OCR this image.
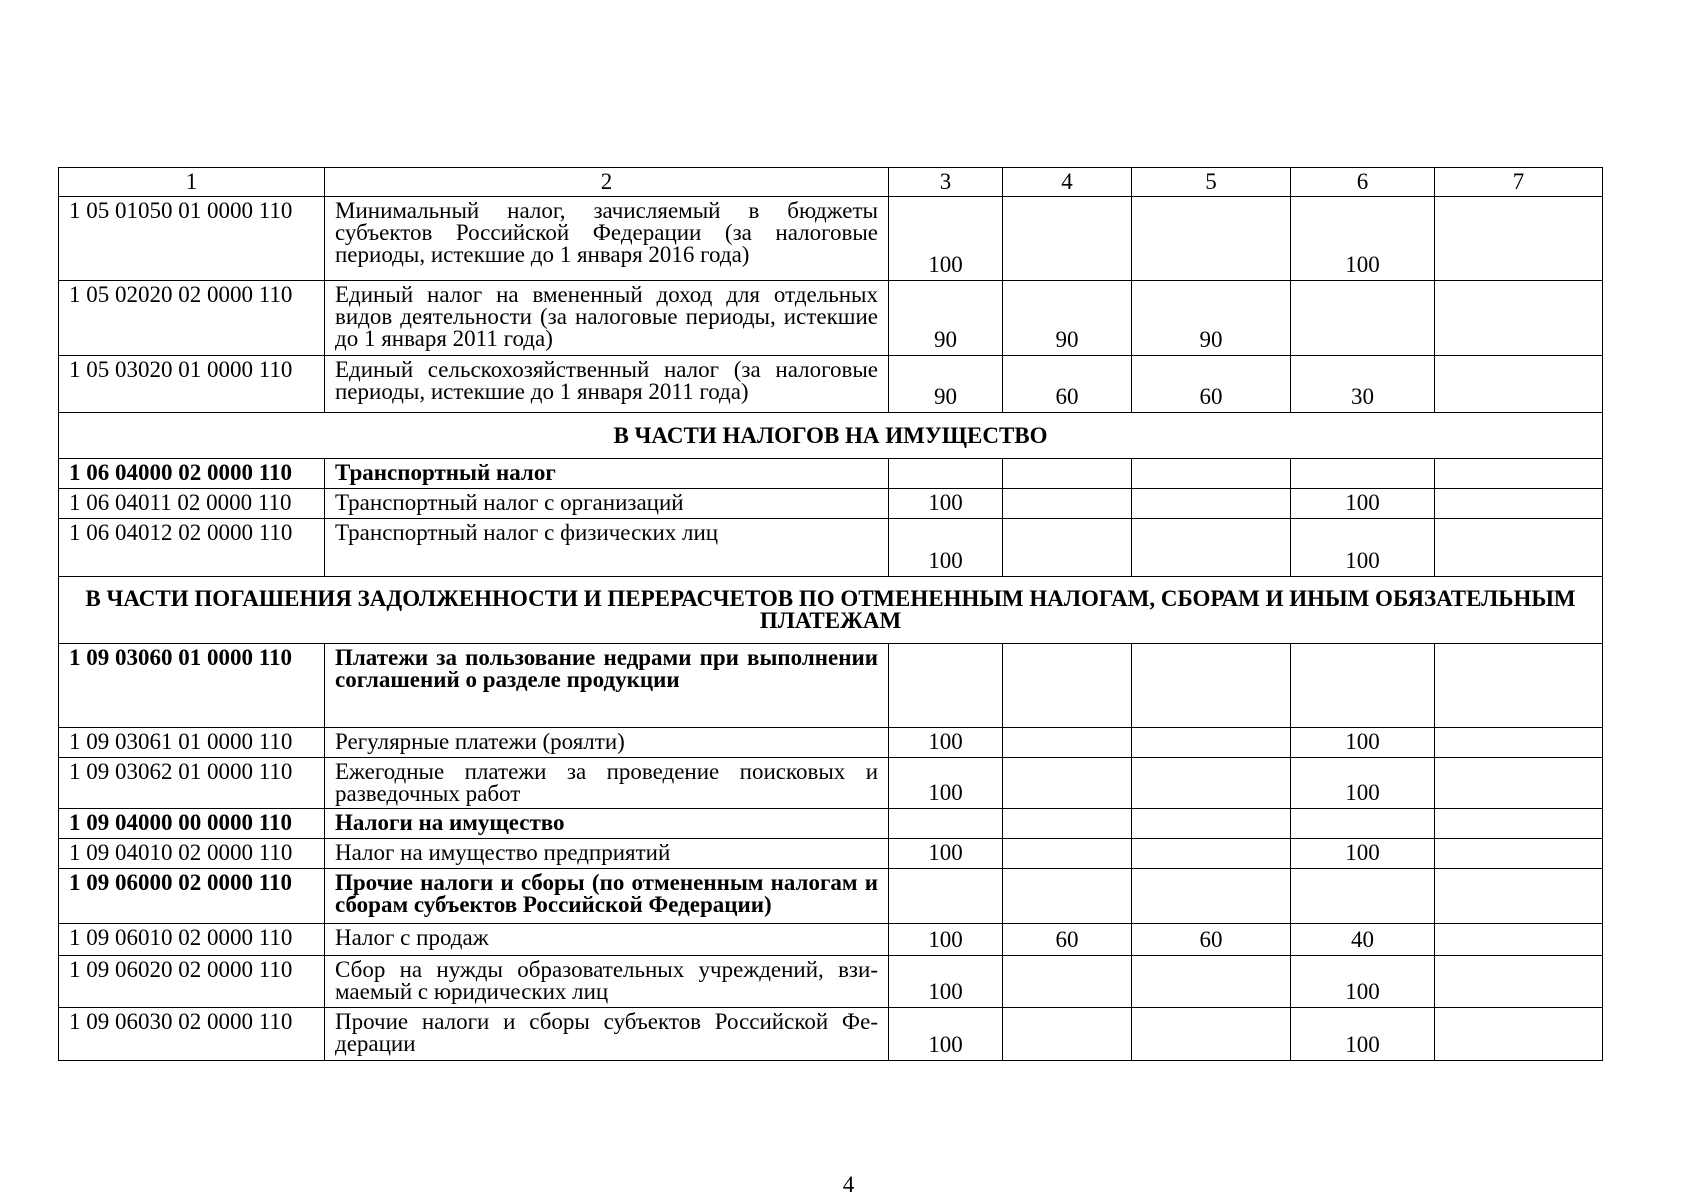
1	2	3	4	5	6	7
1 05 01050 01 0000 110	Минимальный налог, зачисляемый в бюджеты субъектов Российской Федерации (за налоговые периоды, истекшие до 1 января 2016 года)	100			100	
1 05 02020 02 0000 110	Единый налог на вмененный доход для отдельных видов деятельности (за налоговые периоды, истекшие до 1 января 2011 года)	90	90	90		
1 05 03020 01 0000 110	Единый сельскохозяйственный налог (за налоговые периоды, истекшие до 1 января 2011 года)	90	60	60	30	
В ЧАСТИ НАЛОГОВ НА ИМУЩЕСТВО						
1 06 04000 02 0000 110	Транспортный налог					
1 06 04011 02 0000 110	Транспортный налог с организаций	100			100	
1 06 04012 02 0000 110	Транспортный налог с физических лиц	100			100	
В ЧАСТИ ПОГАШЕНИЯ ЗАДОЛЖЕННОСТИ И ПЕРЕРАСЧЕТОВ ПО ОТМЕНЕННЫМ НАЛОГАМ, СБОРАМ И ИНЫМ ОБЯЗАТЕЛЬНЫМ ПЛАТЕЖАМ						
1 09 03060 01 0000 110	Платежи за пользование недрами при выполнении соглашений о разделе продукции					
1 09 03061 01 0000 110	Регулярные платежи (роялти)	100			100	
1 09 03062 01 0000 110	Ежегодные платежи за проведение поисковых и разведочных работ	100			100	
1 09 04000 00 0000 110	Налоги на имущество					
1 09 04010 02 0000 110	Налог на имущество предприятий	100			100	
1 09 06000 02 0000 110	Прочие налоги и сборы (по отмененным налогам и сборам субъектов Российской Федерации)					
1 09 06010 02 0000 110	Налог с продаж	100	60	60	40	
1 09 06020 02 0000 110	Сбор на нужды образовательных учреждений, взимаемый с юридических лиц	100			100	
1 09 06030 02 0000 110	Прочие налоги и сборы субъектов Российской Федерации	100			100	
4
